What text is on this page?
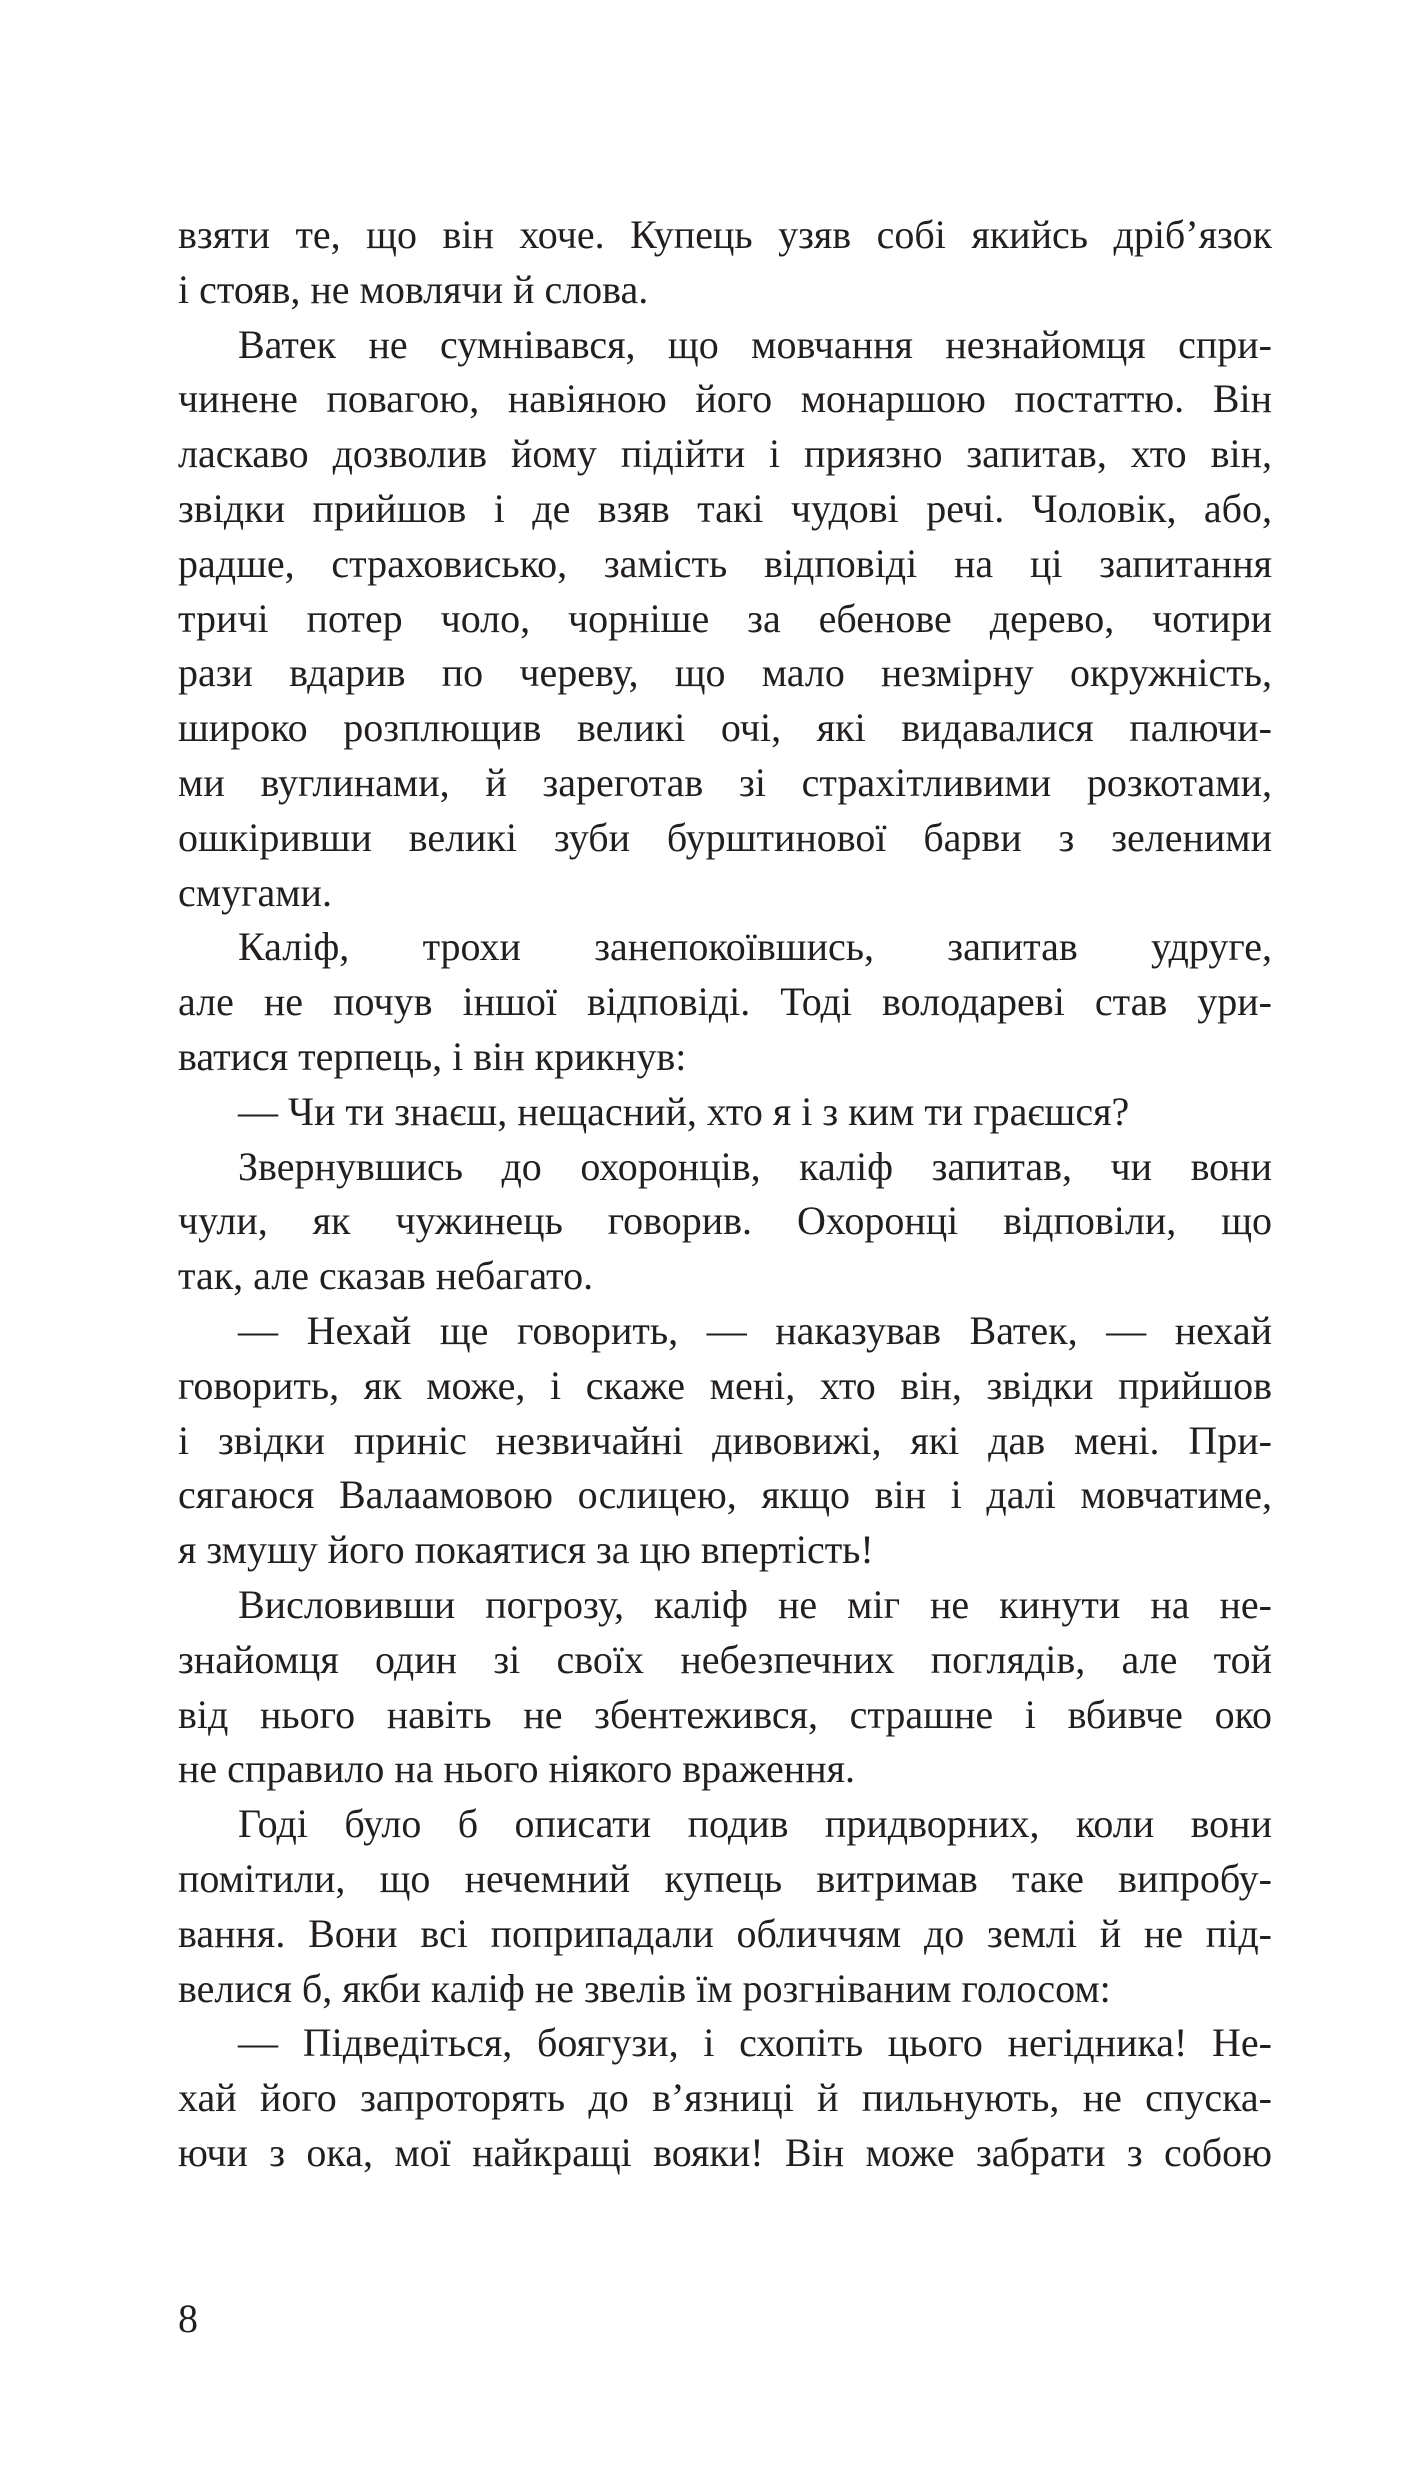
взяти те, що він хоче. Купець узяв собі якийсь дріб’язок
і стояв, не мовлячи й слова.
Ватек не сумнівався, що мовчання незнайомця спри-
чинене повагою, навіяною його монаршою постаттю. Він
ласкаво дозволив йому підійти і приязно запитав, хто він,
звідки прийшов і де взяв такі чудові речі. Чоловік, або,
радше, страховисько, замість відповіді на ці запитання
тричі потер чоло, чорніше за ебенове дерево, чотири
рази вдарив по череву, що мало незмірну окружність,
широко розплющив великі очі, які видавалися палючи-
ми вуглинами, й зареготав зі страхітливими розкотами,
ошкіривши великі зуби бурштинової барви з зеленими
смугами.
Каліф, трохи занепокоївшись, запитав удруге,
але не почув іншої відповіді. Тоді володареві став ури-
ватися терпець, і він крикнув:
— Чи ти знаєш, нещасний, хто я і з ким ти граєшся?
Звернувшись до охоронців, каліф запитав, чи вони
чули, як чужинець говорив. Охоронці відповіли, що
так, але сказав небагато.
— Нехай ще говорить, — наказував Ватек, — нехай
говорить, як може, і скаже мені, хто він, звідки прийшов
і звідки приніс незвичайні дивовижі, які дав мені. При-
сягаюся Валаамовою ослицею, якщо він і далі мовчатиме,
я змушу його покаятися за цю впертість!
Висловивши погрозу, каліф не міг не кинути на не-
знайомця один зі своїх небезпечних поглядів, але той
від нього навіть не збентежився, страшне і вбивче око
не справило на нього ніякого враження.
Годі було б описати подив придворних, коли вони
помітили, що нечемний купець витримав таке випробу-
вання. Вони всі поприпадали обличчям до землі й не під-
велися б, якби каліф не звелів їм розгніваним голосом:
— Підведіться, боягузи, і схопіть цього негідника! Не-
хай його запроторять до в’язниці й пильнують, не спуска-
ючи з ока, мої найкращі вояки! Він може забрати з собою
8
